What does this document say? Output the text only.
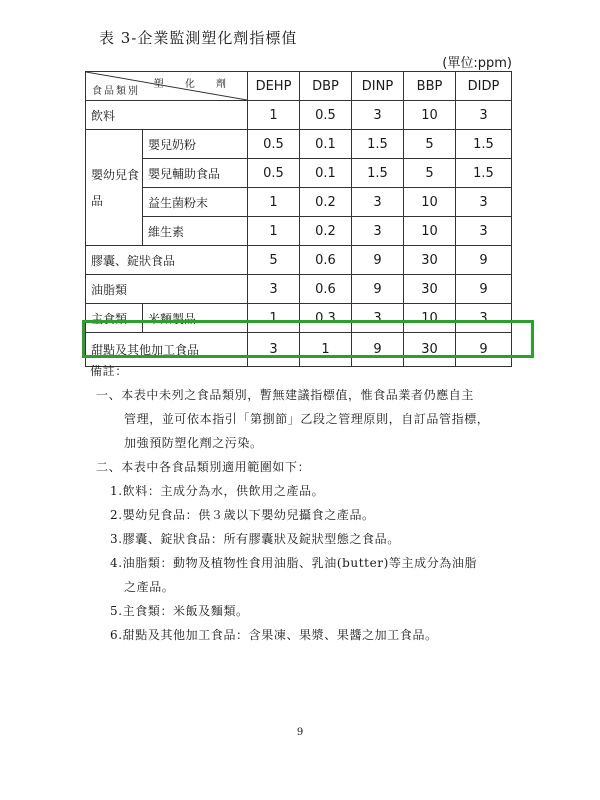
表 3-企業監測塑化劑指標值
(單位:ppm)
塑 化 劑
食品類別		DEHP	DBP	DINP	BBP	DIDP
飲料		1	0.5	3	10	3
嬰幼兒食品	嬰兒奶粉	0.5	0.1	1.5	5	1.5
	嬰兒輔助食品	0.5	0.1	1.5	5	1.5
	益生菌粉末	1	0.2	3	10	3
	維生素	1	0.2	3	10	3
膠囊、錠狀食品		5	0.6	9	30	9
油脂類		3	0.6	9	30	9
主食類	米麵製品	1	0.3	3	10	3
甜點及其他加工食品		3	1	9	30	9
備註：
一、本表中未列之食品類別，暫無建議指標值，惟食品業者仍應自主
管理，並可依本指引「第捌節」乙段之管理原則，自訂品管指標，
加強預防塑化劑之污染。
二、本表中各食品類別適用範圍如下：
1.飲料：主成分為水，供飲用之產品。
2.嬰幼兒食品：供３歲以下嬰幼兒攝食之產品。
3.膠囊、錠狀食品：所有膠囊狀及錠狀型態之食品。
4.油脂類：動物及植物性食用油脂、乳油(butter)等主成分為油脂
之產品。
5.主食類：米飯及麵類。
6.甜點及其他加工食品：含果凍、果漿、果醬之加工食品。
9
